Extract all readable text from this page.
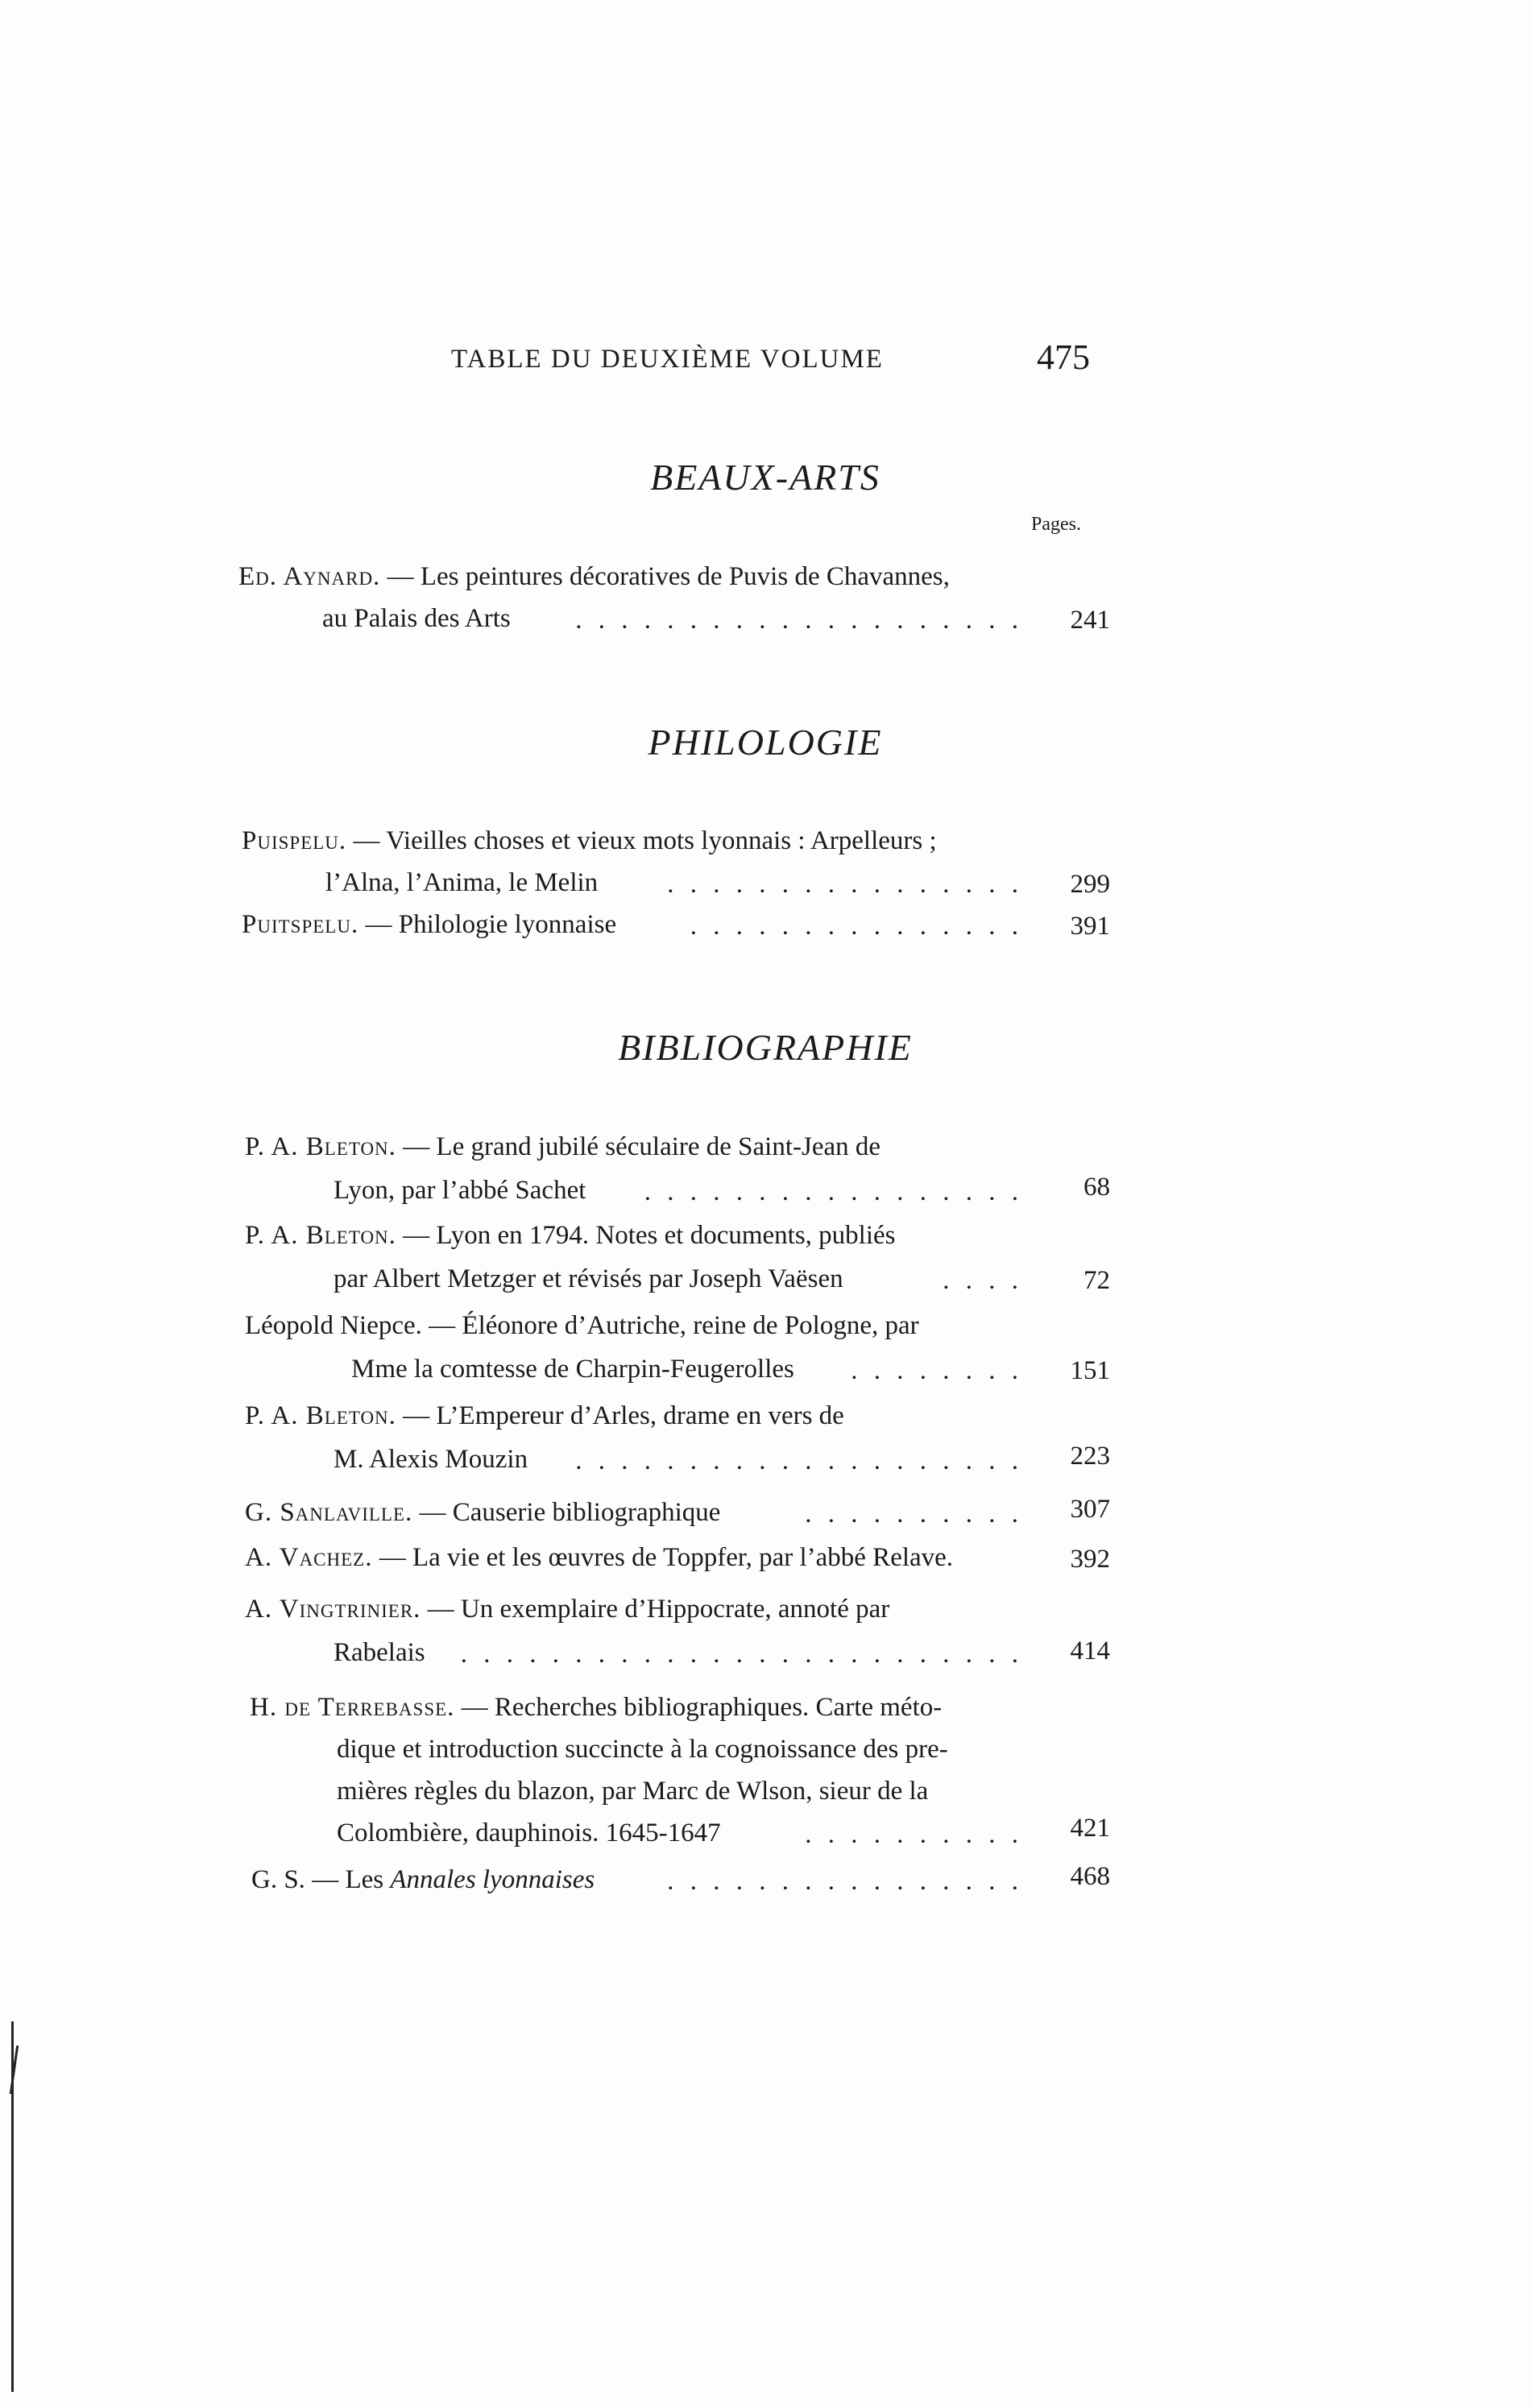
TABLE DU DEUXIÈME VOLUME	475
BEAUX-ARTS
Pages.
Ed. Aynard. — Les peintures décoratives de Puvis de Chavannes,
au Palais des Arts . . .	241
PHILOLOGIE
Puispelu. — Vieilles choses et vieux mots lyonnais : Arpelleurs ;
l’Alna, l’Anima, le Melin . . .	299
Puitspelu. — Philologie lyonnaise . . .	391
BIBLIOGRAPHIE
P. A. Bleton. — Le grand jubilé séculaire de Saint-Jean de
Lyon, par l’abbé Sachet . . .	68
P. A. Bleton. — Lyon en 1794. Notes et documents, publiés
par Albert Metzger et révisés par Joseph Vaësen . . .	72
Léopold Niepce. — Éléonore d’Autriche, reine de Pologne, par
Mme la comtesse de Charpin-Feugerolles . . .	151
P. A. Bleton. — L’Empereur d’Arles, drame en vers de
M. Alexis Mouzin . . .	223
G. Sanlaville. — Causerie bibliographique . . .	307
A. Vachez. — La vie et les œuvres de Toppfer, par l’abbé Relave.	392
A. Vingtrinier. — Un exemplaire d’Hippocrate, annoté par
Rabelais . . .	414
H. de Terrebasse. — Recherches bibliographiques. Carte méto-
dique et introduction succincte à la cognoissance des pre-
mières règles du blazon, par Marc de Wlson, sieur de la
Colombière, dauphinois. 1645-1647 . . .	421
G. S. — Les Annales lyonnaises . . .	468
